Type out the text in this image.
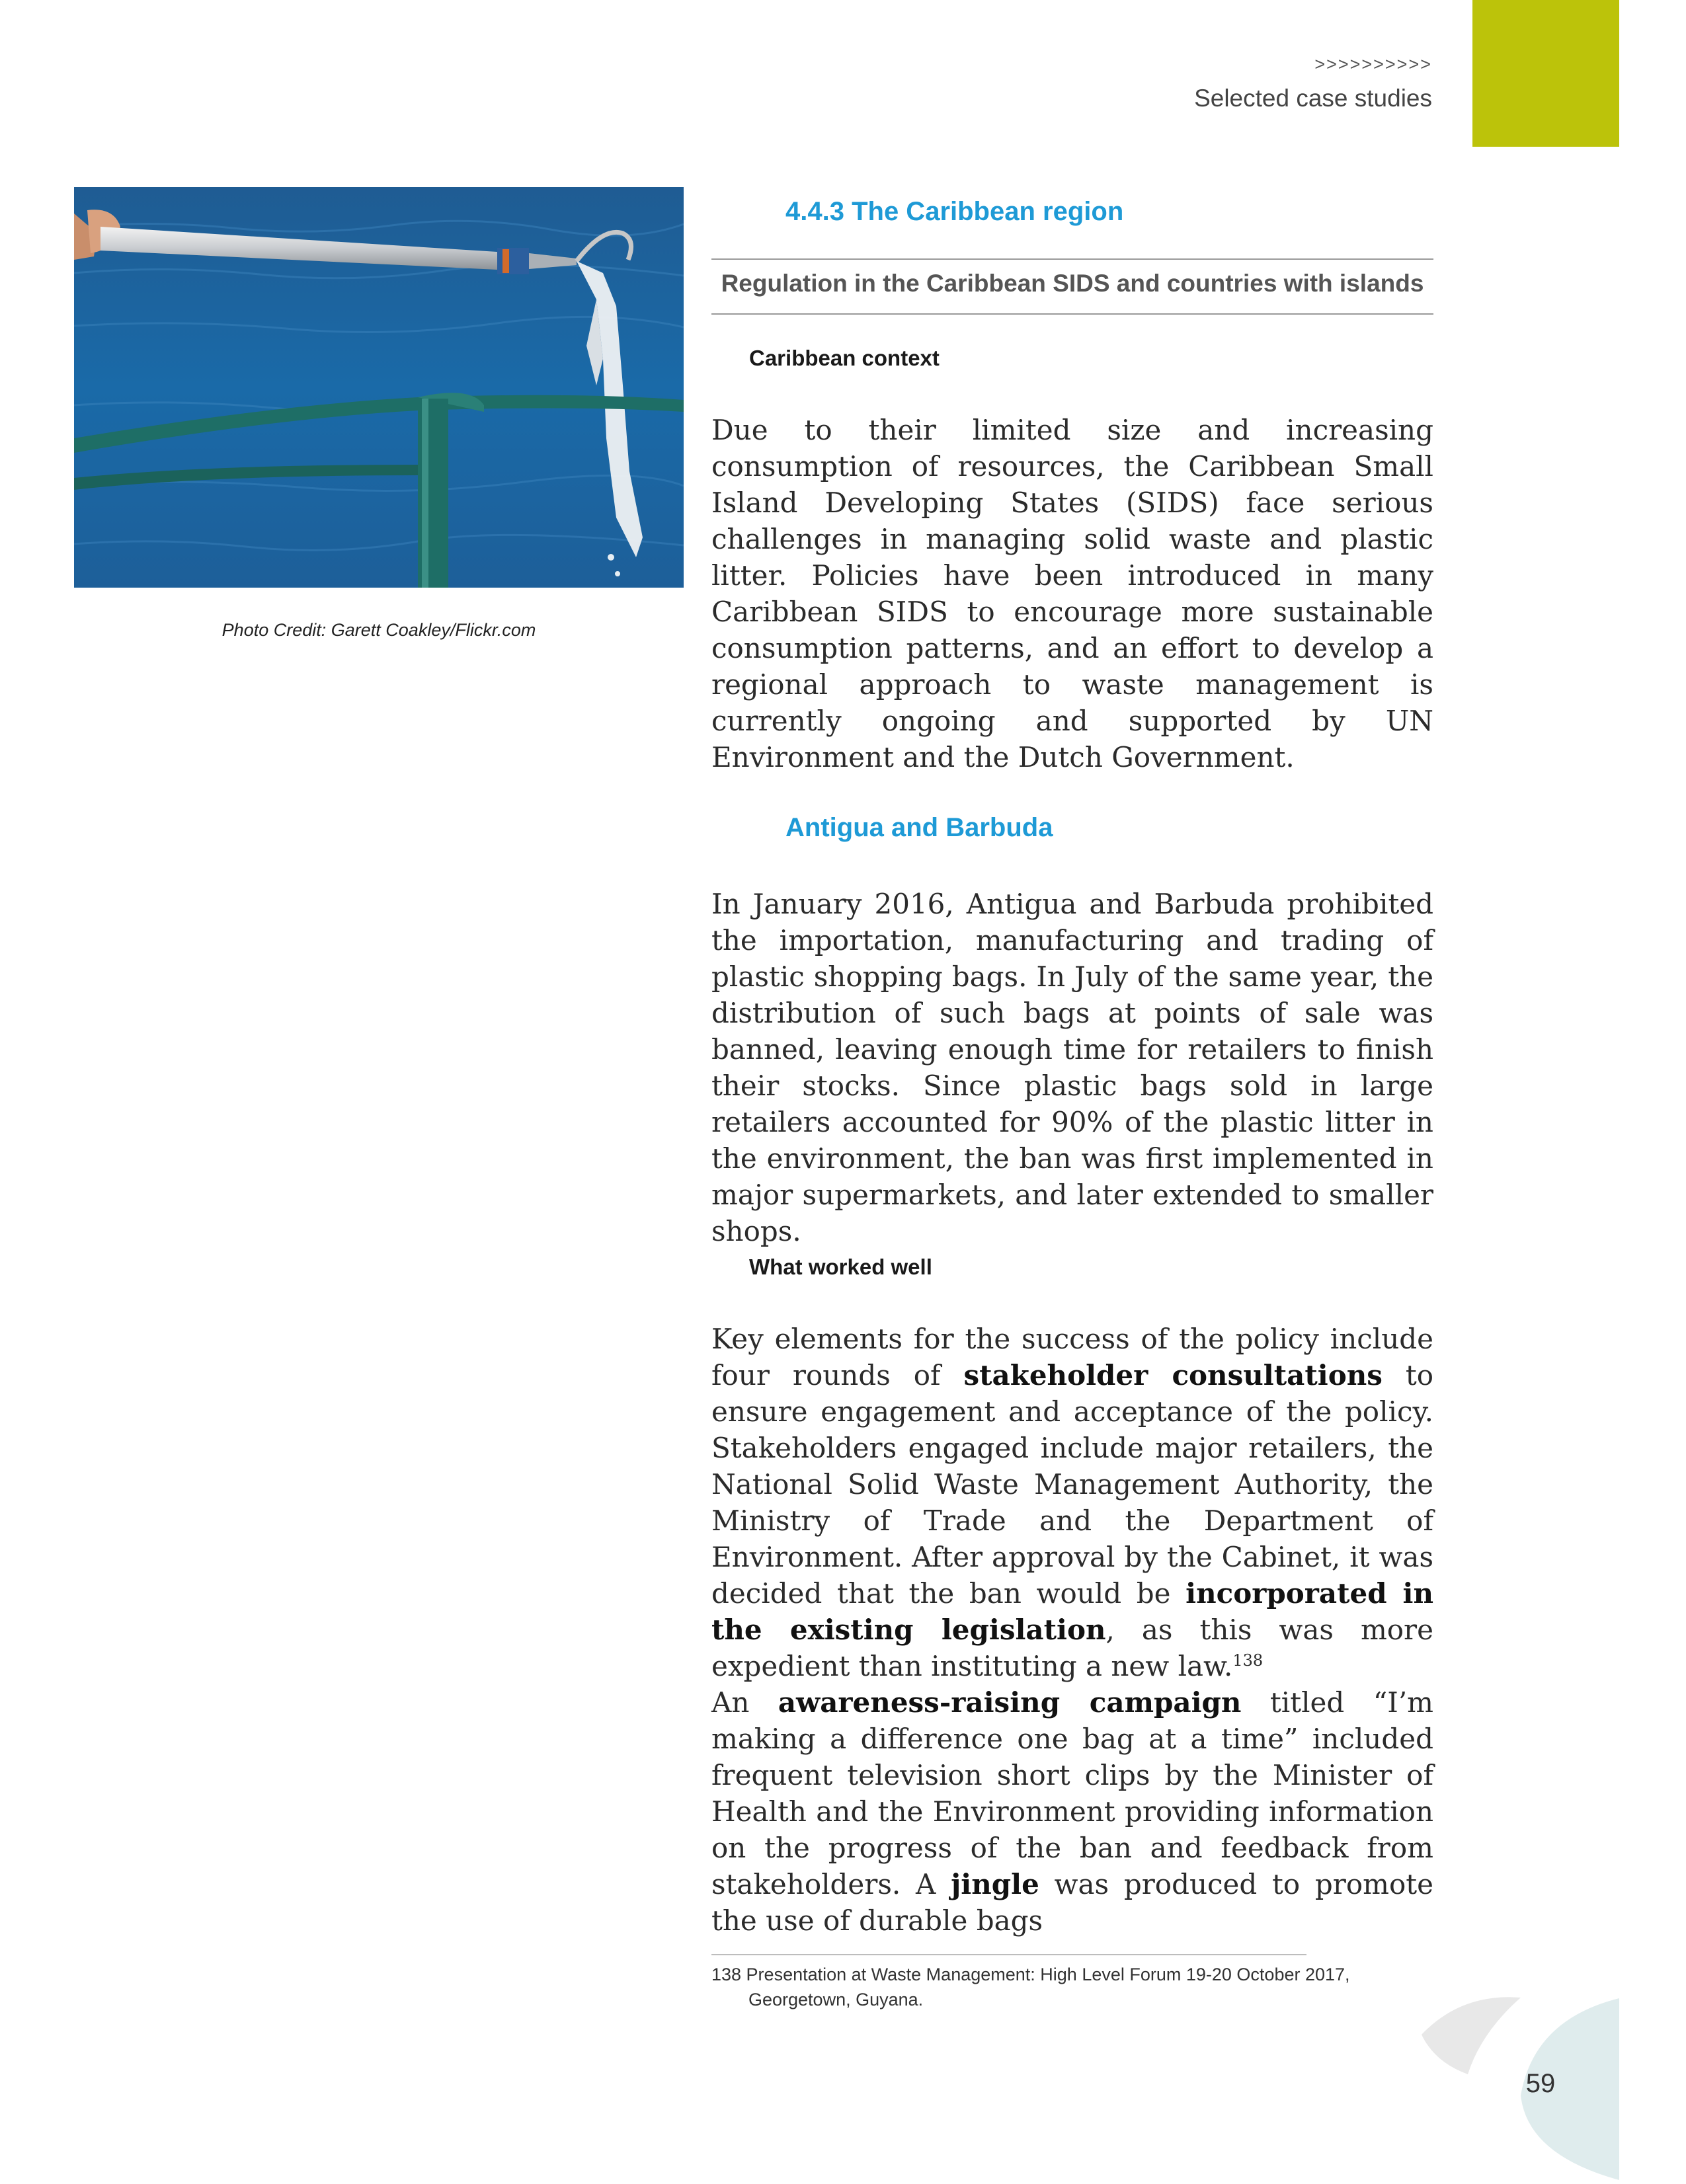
>>>>>>>>>>
Selected case studies
Photo Credit: Garett Coakley/Flickr.com
4.4.3 The Caribbean region
Regulation in the Caribbean SIDS and countries with islands
Caribbean context

Due to their limited size and increasing consumption of resources, the Caribbean Small Island Developing States (SIDS) face serious challenges in managing solid waste and plastic litter. Policies have been introduced in many Caribbean SIDS to encourage more sustainable consumption patterns, and an effort to develop a regional approach to waste management is currently ongoing and supported by UN Environment and the Dutch Government.

Antigua and Barbuda

In January 2016, Antigua and Barbuda prohibited the importation, manufacturing and trading of plastic shopping bags. In July of the same year, the distribution of such bags at points of sale was banned, leaving enough time for retailers to finish their stocks. Since plastic bags sold in large retailers accounted for 90% of the plastic litter in the environment, the ban was first implemented in major supermarkets, and later extended to smaller shops.

What worked well

Key elements for the success of the policy include four rounds of stakeholder consultations to ensure engagement and acceptance of the policy. Stakeholders engaged include major retailers, the National Solid Waste Management Authority, the Ministry of Trade and the Department of Environment. After approval by the Cabinet, it was decided that the ban would be incorporated in the existing legislation, as this was more expedient than instituting a new law.$^{138}$

An awareness-raising campaign titled “I’m making a difference one bag at a time” included frequent television short clips by the Minister of Health and the Environment providing information on the progress of the ban and feedback from stakeholders. A jingle was produced to promote the use of durable bags

138 Presentation at Waste Management: High Level Forum 19-20 October 2017,
Georgetown, Guyana.
59
